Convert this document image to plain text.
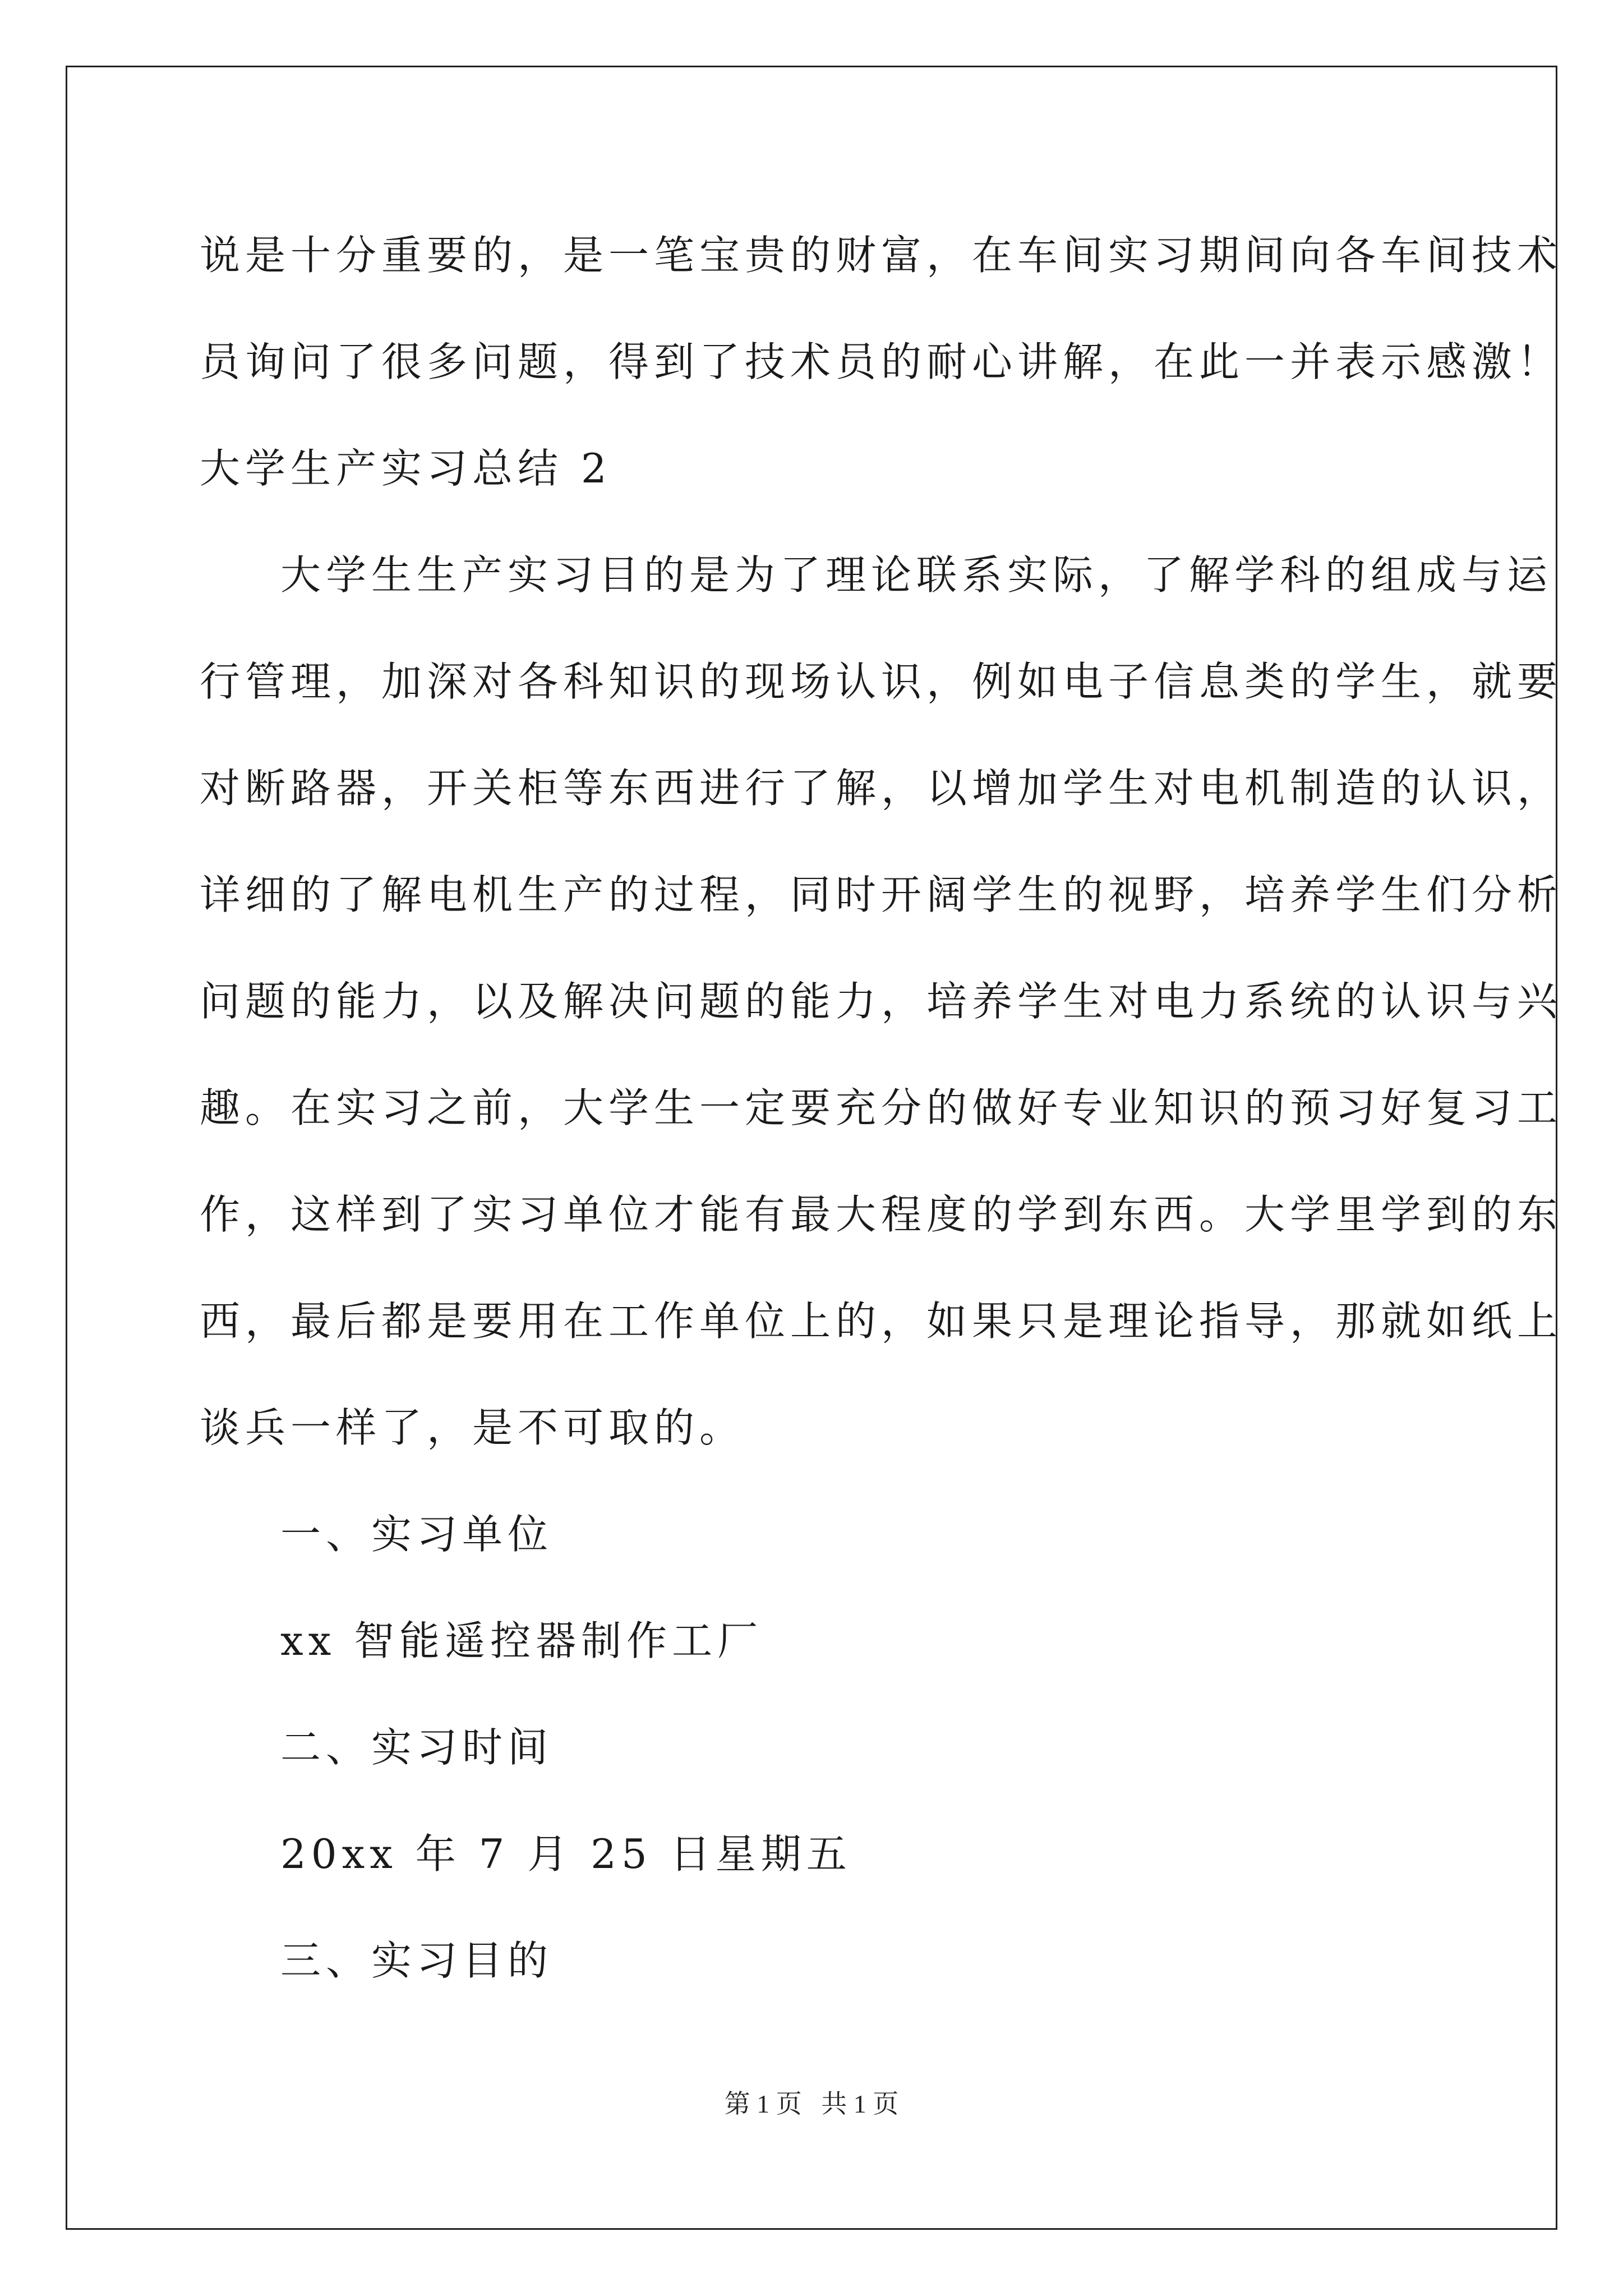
说是十分重要的，是一笔宝贵的财富，在车间实习期间向各车间技术
员询问了很多问题，得到了技术员的耐心讲解，在此一并表示感激！
大学生产实习总结 2
大学生生产实习目的是为了理论联系实际，了解学科的组成与运
行管理，加深对各科知识的现场认识，例如电子信息类的学生，就要
对断路器，开关柜等东西进行了解，以增加学生对电机制造的认识，
详细的了解电机生产的过程，同时开阔学生的视野，培养学生们分析
问题的能力，以及解决问题的能力，培养学生对电力系统的认识与兴
趣。在实习之前，大学生一定要充分的做好专业知识的预习好复习工
作，这样到了实习单位才能有最大程度的学到东西。大学里学到的东
西，最后都是要用在工作单位上的，如果只是理论指导，那就如纸上
谈兵一样了，是不可取的。
一、实习单位
xx 智能遥控器制作工厂
二、实习时间
20xx 年 7 月 25 日星期五
三、实习目的
第 1 页   共 1 页
